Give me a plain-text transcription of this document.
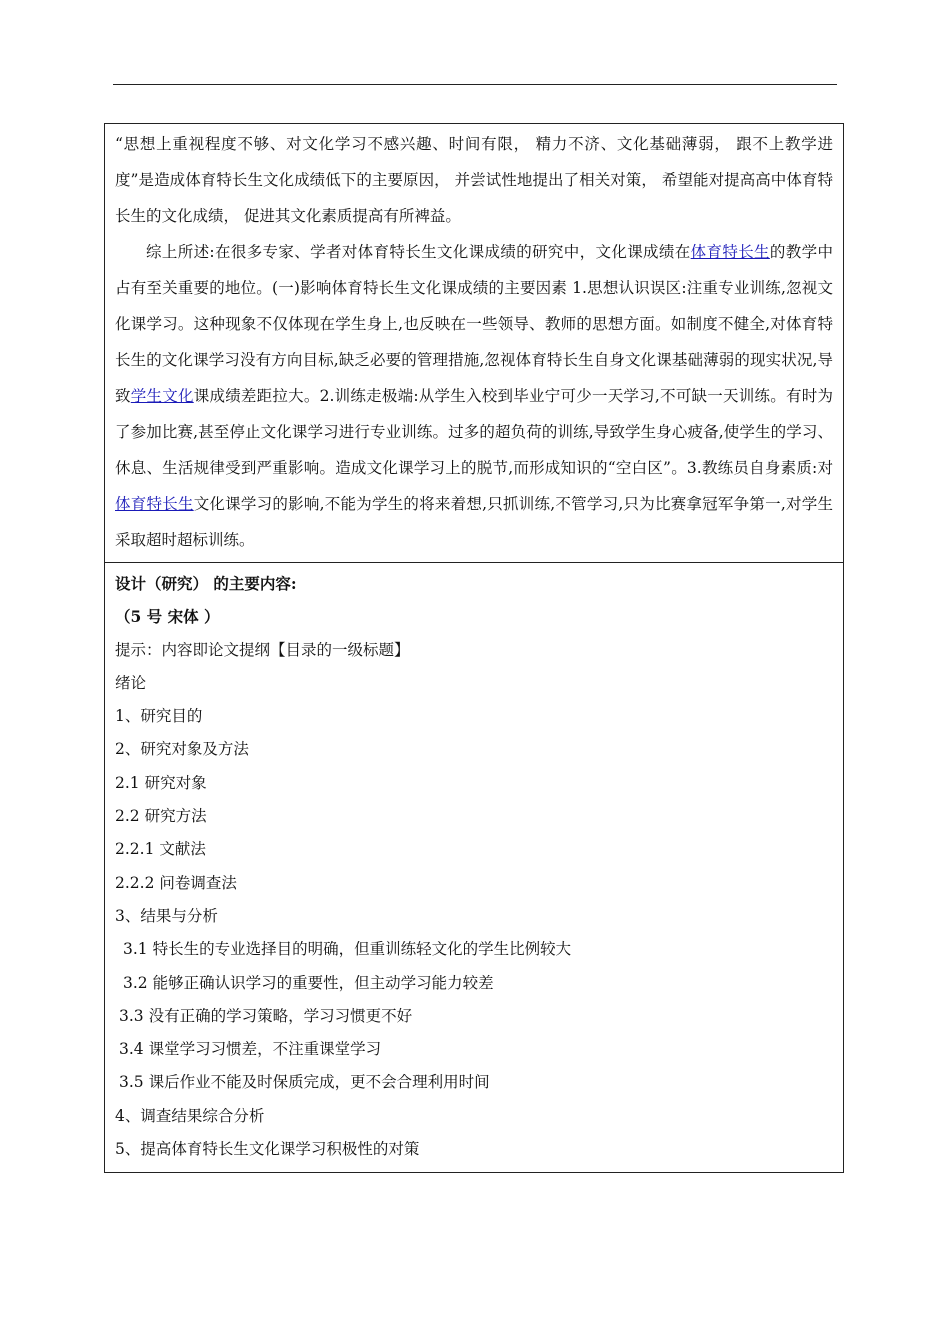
“思想上重视程度不够、对文化学习不感兴趣、时间有限， 精力不济、文化基础薄弱， 跟不上教学进度”是造成体育特长生文化成绩低下的主要原因， 并尝试性地提出了相关对策， 希望能对提高高中体育特长生的文化成绩， 促进其文化素质提高有所裨益。

综上所述:在很多专家、学者对体育特长生文化课成绩的研究中，文化课成绩在体育特长生的教学中占有至关重要的地位。(一)影响体育特长生文化课成绩的主要因素 1.思想认识误区:注重专业训练,忽视文化课学习。这种现象不仅体现在学生身上,也反映在一些领导、教师的思想方面。如制度不健全,对体育特长生的文化课学习没有方向目标,缺乏必要的管理措施,忽视体育特长生自身文化课基础薄弱的现实状况,导致学生文化课成绩差距拉大。2.训练走极端:从学生入校到毕业宁可少一天学习,不可缺一天训练。有时为了参加比赛,甚至停止文化课学习进行专业训练。过多的超负荷的训练,导致学生身心疲备,使学生的学习、休息、生活规律受到严重影响。造成文化课学习上的脱节,而形成知识的“空白区”。3.教练员自身素质:对体育特长生文化课学习的影响,不能为学生的将来着想,只抓训练,不管学习,只为比赛拿冠军争第一,对学生采取超时超标训练。

设计（研究） 的主要内容:
（5 号 宋体 ）
提示：内容即论文提纲【目录的一级标题】
绪论
1、研究目的
2、研究对象及方法
2.1 研究对象
2.2 研究方法
2.2.1 文献法
2.2.2 问卷调查法
3、结果与分析
3.1 特长生的专业选择目的明确，但重训练轻文化的学生比例较大
3.2 能够正确认识学习的重要性，但主动学习能力较差
3.3 没有正确的学习策略，学习习惯更不好
3.4 课堂学习习惯差，不注重课堂学习
3.5 课后作业不能及时保质完成，更不会合理利用时间
4、调查结果综合分析
5、提高体育特长生文化课学习积极性的对策
